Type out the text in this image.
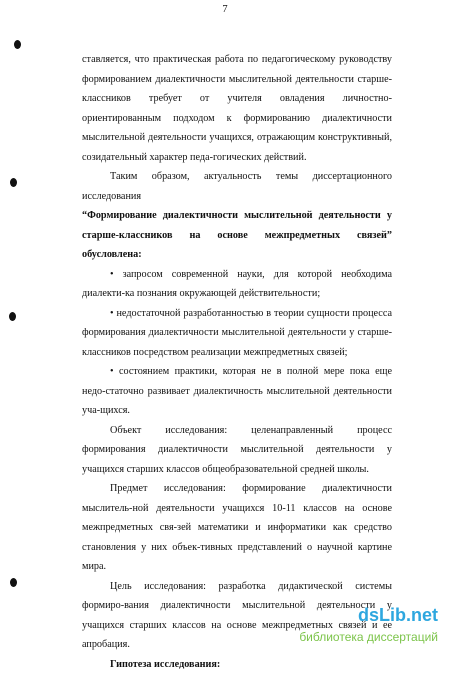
7

ставляется, что практическая работа по педагогическому руководству формированием диалектичности мыслительной деятельности старше-классников требует от учителя овладения личностно-ориентированным подходом к формированию диалектичности мыслительной деятельности учащихся, отражающим конструктивный, созидательный характер педа-гогических действий.

Таким образом, актуальность темы диссертационного исследования

“Формирование диалектичности мыслительной деятельности у старше-классников на основе межпредметных связей” обусловлена:

• запросом современной науки, для которой необходима диалекти-ка познания окружающей действительности;

• недостаточной разработанностью в теории сущности процесса формирования диалектичности мыслительной деятельности у старше-классников посредством реализации межпредметных связей;

• состоянием практики, которая не в полной мере пока еще недо-статочно развивает диалектичность мыслительной деятельности уча-щихся.

Объект исследования: целенаправленный процесс формирования диалектичности мыслительной деятельности у учащихся старших классов общеобразовательной средней школы.

Предмет исследования: формирование диалектичности мыслитель-ной деятельности учащихся 10-11 классов на основе межпредметных свя-зей математики и информатики как средство становления у них объек-тивных представлений о научной картине мира.

Цель исследования: разработка дидактической системы формиро-вания диалектичности мыслительной деятельности у учащихся старших классов на основе межпредметных связей и ее апробация.

Гипотеза исследования:

dsLib.net
библиотека диссертаций
